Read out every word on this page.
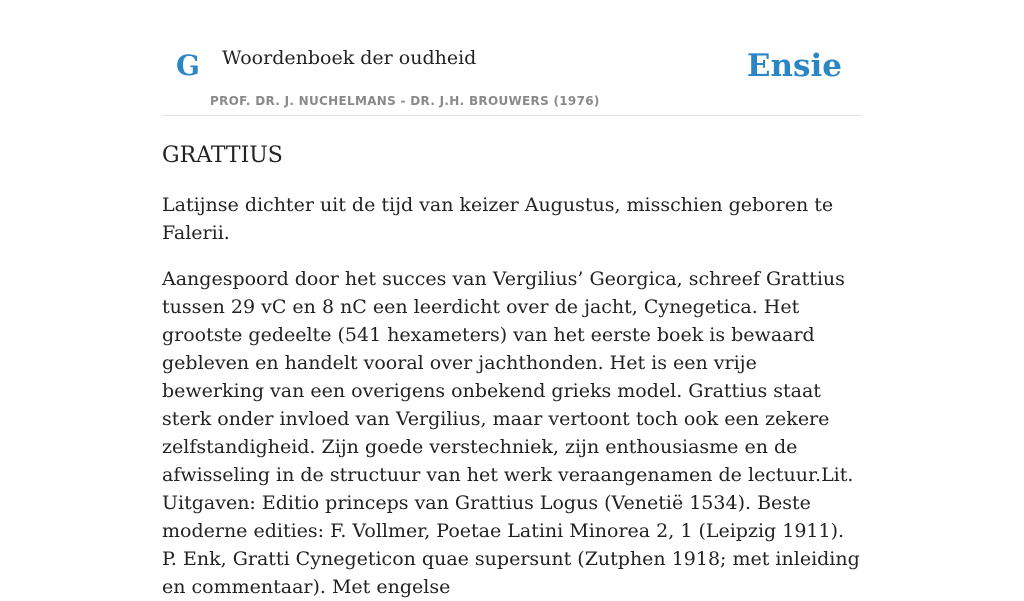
G Woordenboek der oudheid
PROF. DR. J. NUCHELMANS - DR. J.H. BROUWERS (1976)
Ensie
GRATTIUS

Latijnse dichter uit de tijd van keizer Augustus, misschien geboren te Falerii.

Aangespoord door het succes van Vergilius’ Georgica, schreef Grattius tussen 29 vC en 8 nC een leerdicht over de jacht, Cynegetica. Het grootste gedeelte (541 hexameters) van het eerste boek is bewaard gebleven en handelt vooral over jachthonden. Het is een vrije bewerking van een overigens onbekend grieks model. Grattius staat sterk onder invloed van Vergilius, maar vertoont toch ook een zekere zelfstandigheid. Zijn goede verstechniek, zijn enthousiasme en de afwisseling in de structuur van het werk veraangenamen de lectuur.Lit. Uitgaven: Editio princeps van Grattius Logus (Venetië 1534). Beste moderne edities: F. Vollmer, Poetae Latini Minorea 2, 1 (Leipzig 1911). P. Enk, Gratti Cynegeticon quae supersunt (Zutphen 1918; met inleiding en commentaar). Met engelse
